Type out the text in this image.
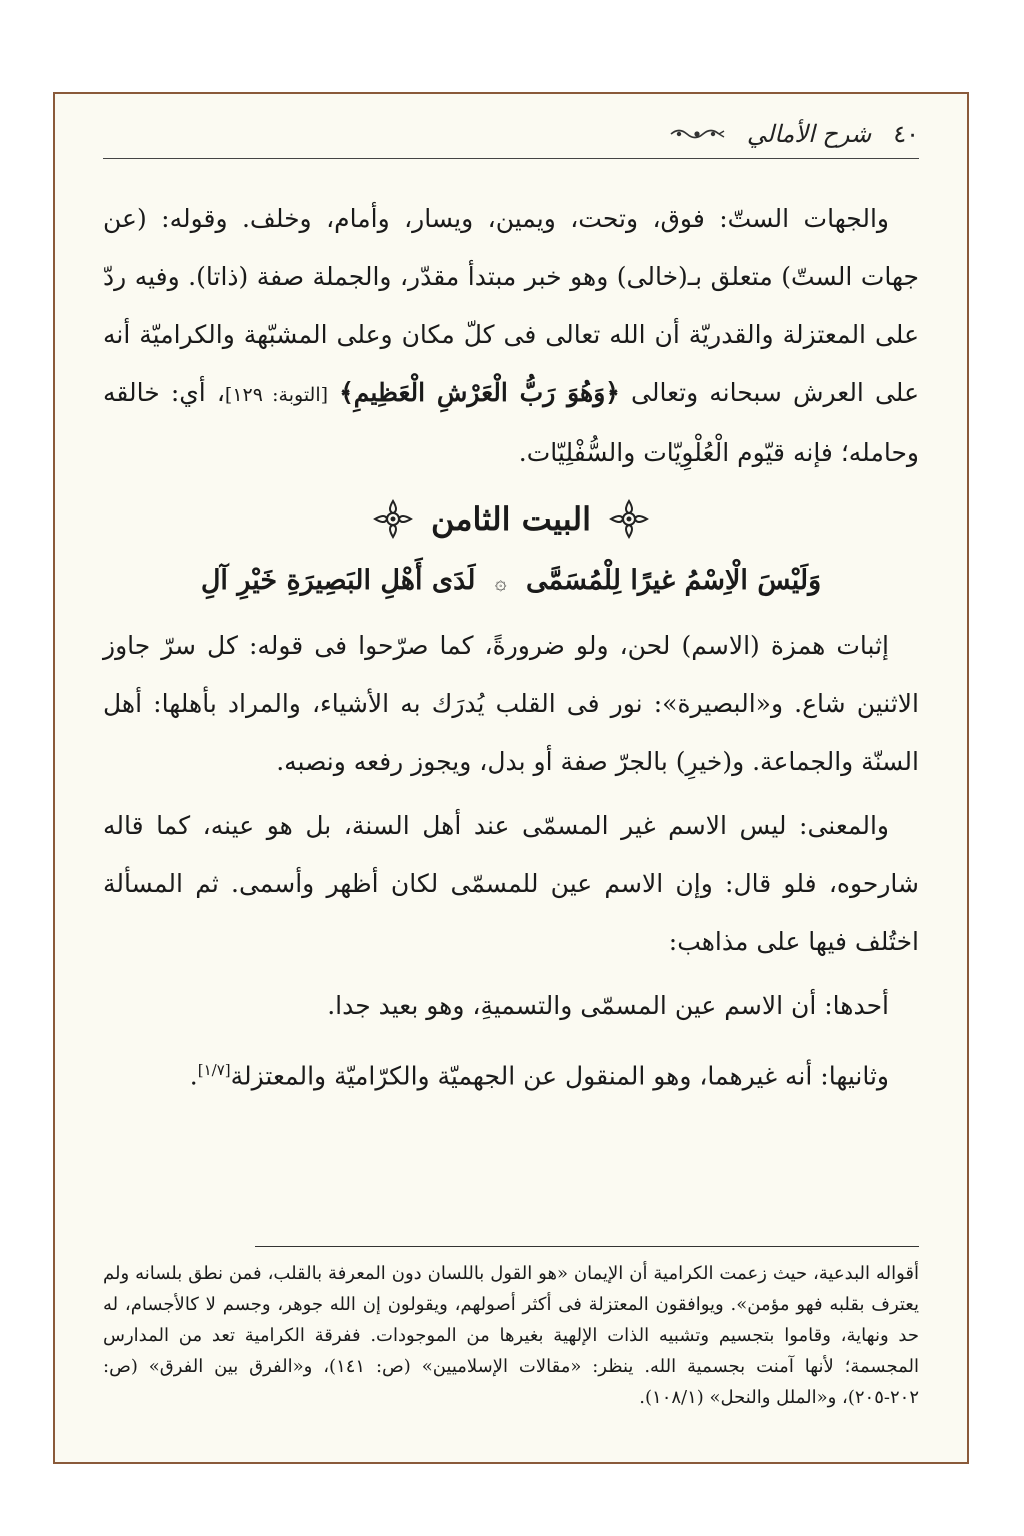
٤٠
شرح الأمالي

والجهات الستّ: فوق، وتحت، ويمين، ويسار، وأمام، وخلف. وقوله: (عن جهات الستّ) متعلق بـ(خالى) وهو خبر مبتدأ مقدّر، والجملة صفة (ذاتا). وفيه ردّ على المعتزلة والقدريّة أن الله تعالى فى كلّ مكان وعلى المشبّهة والكراميّة أنه على العرش سبحانه وتعالى ﴿وَهُوَ رَبُّ الْعَرْشِ الْعَظِيمِ﴾ [التوبة: ١٢٩]، أي: خالقه وحامله؛ فإنه قيّوم الْعُلْوِيّات والسُّفْلِيّات.

البيت الثامن
وَلَيْسَ الْاِسْمُ غيرًا لِلْمُسَمَّى ۞ لَدَى أَهْلِ البَصِيرَةِ خَيْرِ آلِ

إثبات همزة (الاسم) لحن، ولو ضرورةً، كما صرّحوا فى قوله: كل سرّ جاوز الاثنين شاع. و«البصيرة»: نور فى القلب يُدرَك به الأشياء، والمراد بأهلها: أهل السنّة والجماعة. و(خيرِ) بالجرّ صفة أو بدل، ويجوز رفعه ونصبه.

والمعنى: ليس الاسم غير المسمّى عند أهل السنة، بل هو عينه، كما قاله شارحوه، فلو قال: وإن الاسم عين للمسمّى لكان أظهر وأسمى. ثم المسألة اختُلف فيها على مذاهب:

أحدها: أن الاسم عين المسمّى والتسميةِ، وهو بعيد جدا.

وثانيها: أنه غيرهما، وهو المنقول عن الجهميّة والكرّاميّة والمعتزلة[١/٧].

أقواله البدعية، حيث زعمت الكرامية أن الإيمان «هو القول باللسان دون المعرفة بالقلب، فمن نطق بلسانه ولم يعترف بقلبه فهو مؤمن». ويوافقون المعتزلة فى أكثر أصولهم، ويقولون إن الله جوهر، وجسم لا كالأجسام، له حد ونهاية، وقاموا بتجسيم وتشبيه الذات الإلهية بغيرها من الموجودات. ففرقة الكرامية تعد من المدارس المجسمة؛ لأنها آمنت بجسمية الله. ينظر: «مقالات الإسلاميين» (ص: ١٤١)، و«الفرق بين الفرق» (ص: ٢٠٢-٢٠٥)، و«الملل والنحل» (١٠٨/١).
